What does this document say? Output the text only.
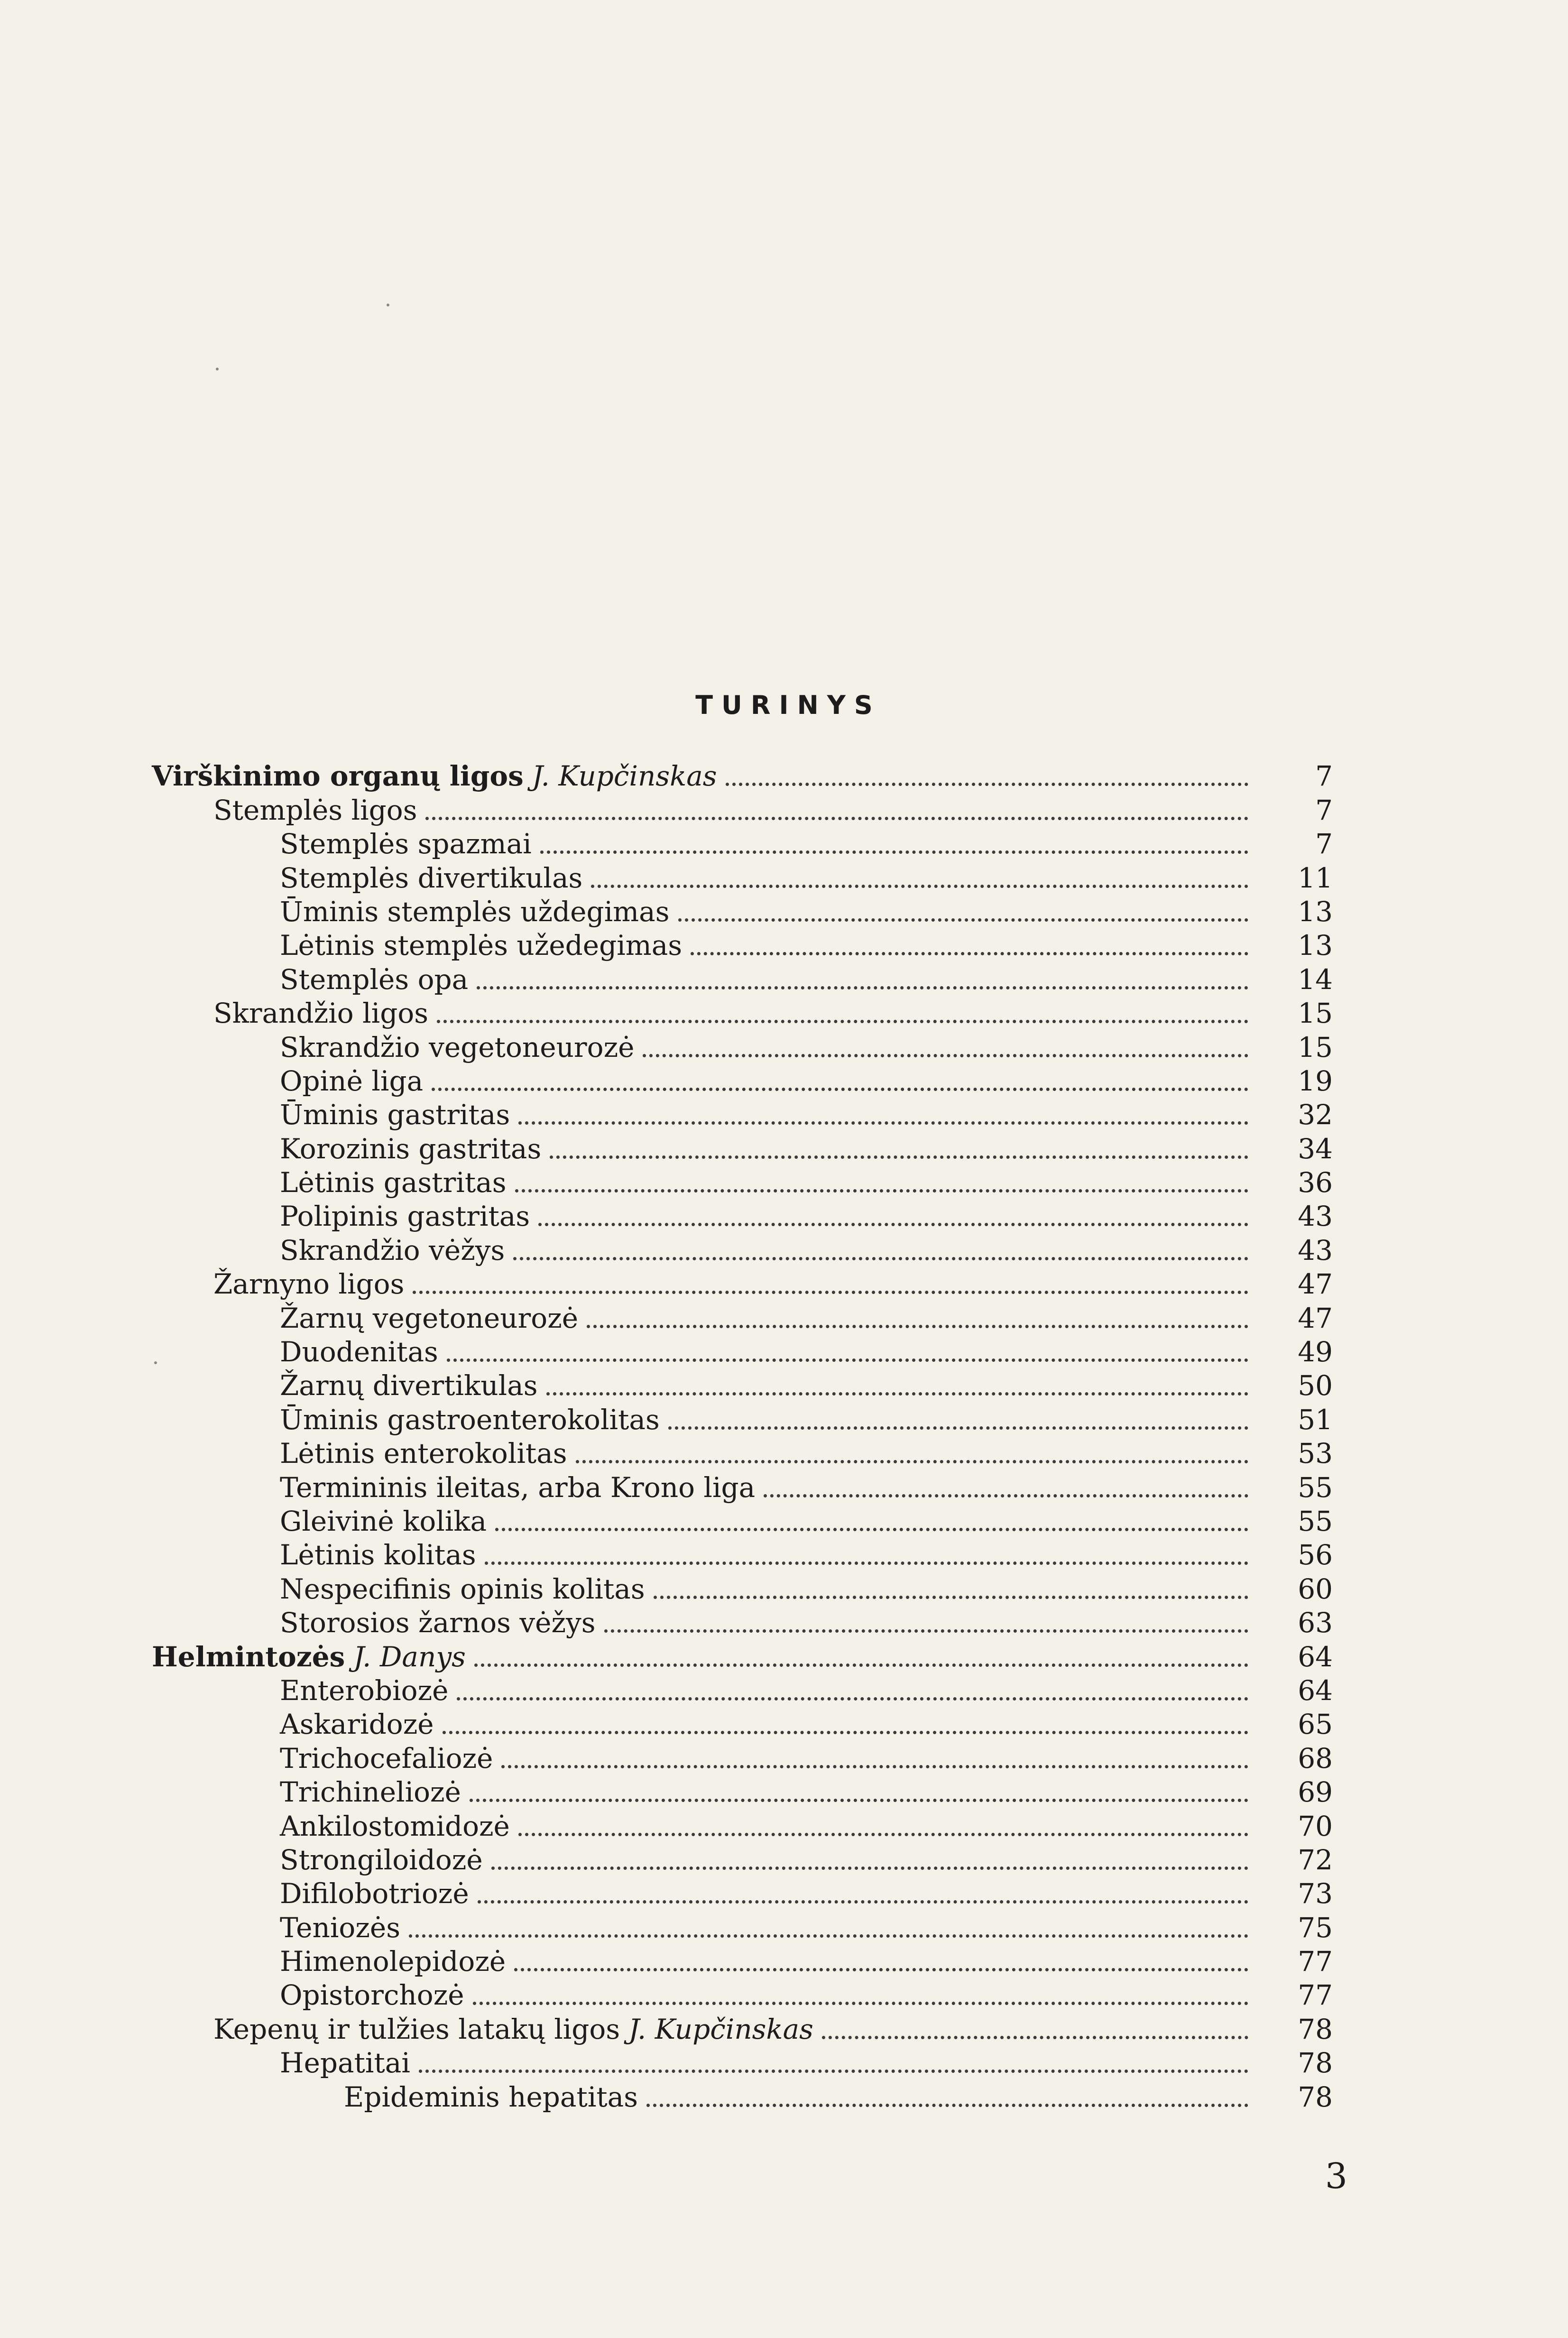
TURINYS
Virškinimo organų ligos J. Kupčinskas	7
Stemplės ligos	7
Stemplės spazmai	7
Stemplės divertikulas	11
Ūminis stemplės uždegimas	13
Lėtinis stemplės užedegimas	13
Stemplės opa	14
Skrandžio ligos	15
Skrandžio vegetoneurozė	15
Opinė liga	19
Ūminis gastritas	32
Korozinis gastritas	34
Lėtinis gastritas	36
Polipinis gastritas	43
Skrandžio vėžys	43
Žarnyno ligos	47
Žarnų vegetoneurozė	47
Duodenitas	49
Žarnų divertikulas	50
Ūminis gastroenterokolitas	51
Lėtinis enterokolitas	53
Termininis ileitas, arba Krono liga	55
Gleivinė kolika	55
Lėtinis kolitas	56
Nespecifinis opinis kolitas	60
Storosios žarnos vėžys	63
Helmintozės J. Danys	64
Enterobiozė	64
Askaridozė	65
Trichocefaliozė	68
Trichineliozė	69
Ankilostomidozė	70
Strongiloidozė	72
Difilobotriozė	73
Teniozės	75
Himenolepidozė	77
Opistorchozė	77
Kepenų ir tulžies latakų ligos J. Kupčinskas	78
Hepatitai	78
Epideminis hepatitas	78
3
